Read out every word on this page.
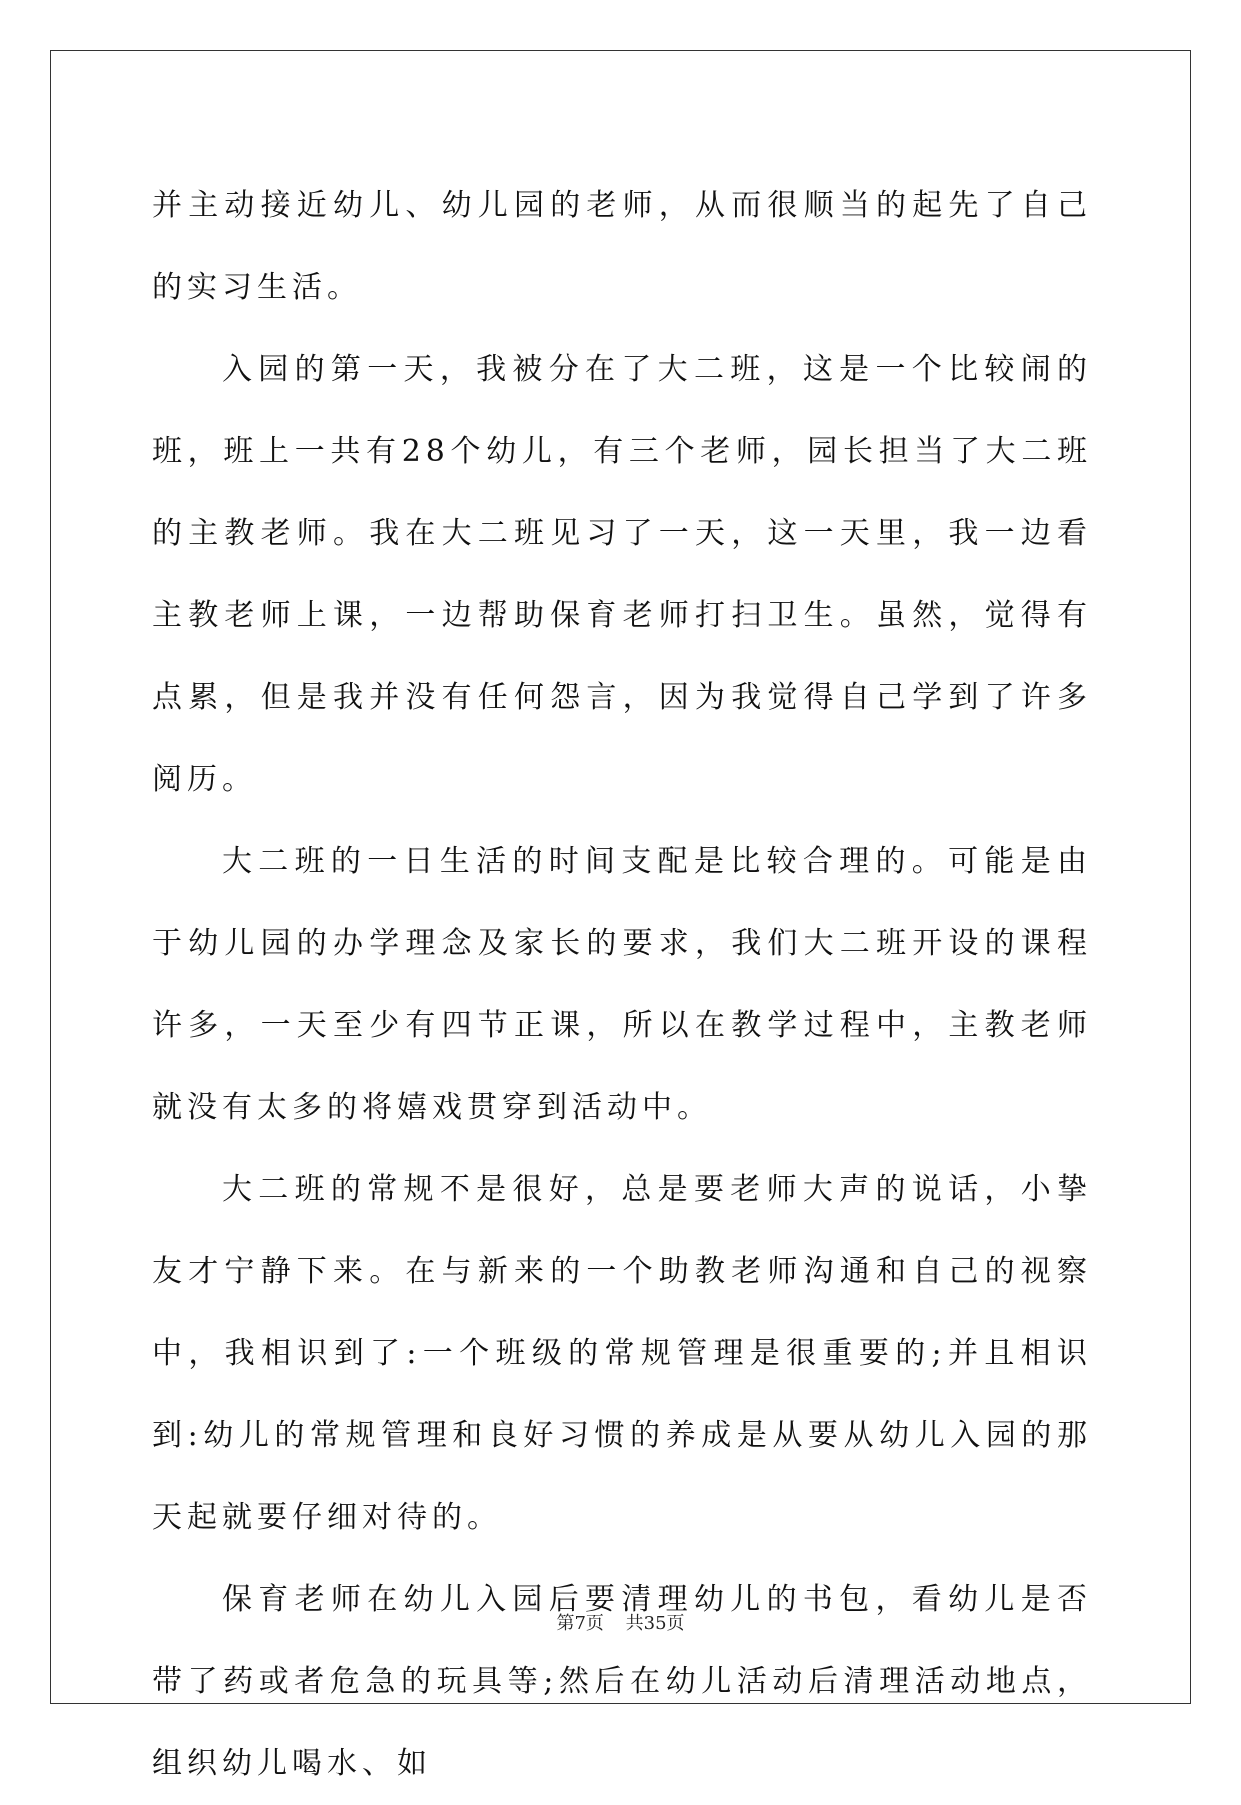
并主动接近幼儿、幼儿园的老师，从而很顺当的起先了自己的实习生活。

入园的第一天，我被分在了大二班，这是一个比较闹的班，班上一共有28个幼儿，有三个老师，园长担当了大二班的主教老师。我在大二班见习了一天，这一天里，我一边看主教老师上课，一边帮助保育老师打扫卫生。虽然，觉得有点累，但是我并没有任何怨言，因为我觉得自己学到了许多阅历。

大二班的一日生活的时间支配是比较合理的。可能是由于幼儿园的办学理念及家长的要求，我们大二班开设的课程许多，一天至少有四节正课，所以在教学过程中，主教老师就没有太多的将嬉戏贯穿到活动中。

大二班的常规不是很好，总是要老师大声的说话，小挚友才宁静下来。在与新来的一个助教老师沟通和自己的视察中，我相识到了:一个班级的常规管理是很重要的;并且相识到:幼儿的常规管理和良好习惯的养成是从要从幼儿入园的那天起就要仔细对待的。

保育老师在幼儿入园后要清理幼儿的书包，看幼儿是否带了药或者危急的玩具等;然后在幼儿活动后清理活动地点，组织幼儿喝水、如

第7页 共35页
